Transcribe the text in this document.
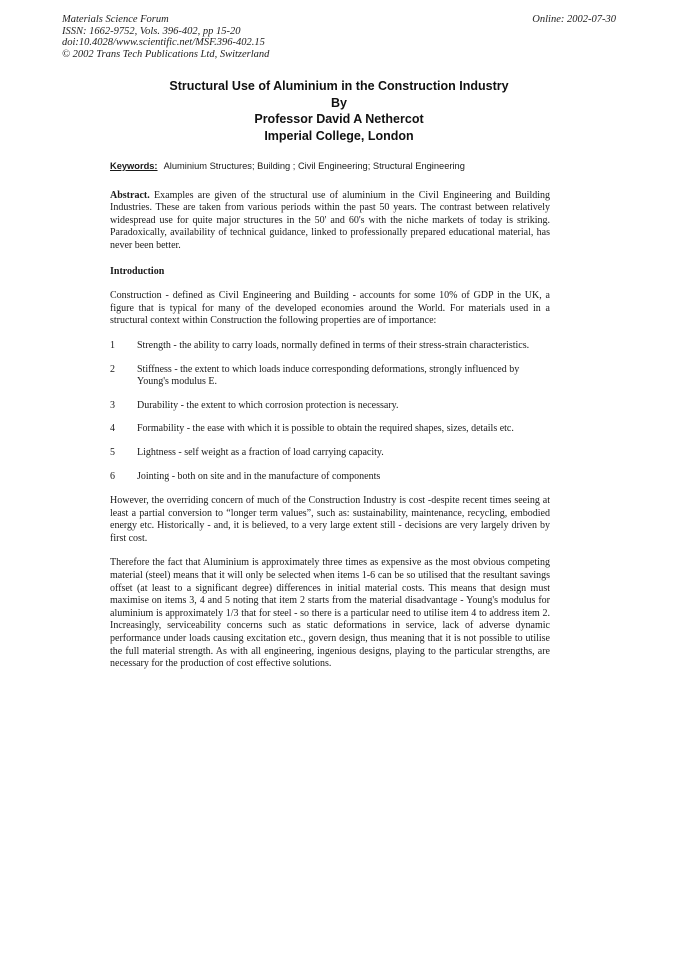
Materials Science Forum
ISSN: 1662-9752, Vols. 396-402, pp 15-20
doi:10.4028/www.scientific.net/MSF.396-402.15
© 2002 Trans Tech Publications Ltd, Switzerland
Online: 2002-07-30
Structural Use of Aluminium in the Construction Industry
By
Professor David A Nethercot
Imperial College, London
Keywords: Aluminium Structures; Building ; Civil Engineering; Structural Engineering

Abstract. Examples are given of the structural use of aluminium in the Civil Engineering and Building Industries. These are taken from various periods within the past 50 years. The contrast between relatively widespread use for quite major structures in the 50' and 60's with the niche markets of today is striking. Paradoxically, availability of technical guidance, linked to professionally prepared educational material, has never been better.

Introduction

Construction - defined as Civil Engineering and Building - accounts for some 10% of GDP in the UK, a figure that is typical for many of the developed economies around the World. For materials used in a structural context within Construction the following properties are of importance:

1	Strength - the ability to carry loads, normally defined in terms of their stress-strain characteristics.
2	Stiffness - the extent to which loads induce corresponding deformations, strongly influenced by Young's modulus E.
3	Durability - the extent to which corrosion protection is necessary.
4	Formability - the ease with which it is possible to obtain the required shapes, sizes, details etc.
5	Lightness - self weight as a fraction of load carrying capacity.
6	Jointing - both on site and in the manufacture of components

However, the overriding concern of much of the Construction Industry is cost -despite recent times seeing at least a partial conversion to “longer term values”, such as: sustainability, maintenance, recycling, embodied energy etc. Historically - and, it is believed, to a very large extent still - decisions are very largely driven by first cost.

Therefore the fact that Aluminium is approximately three times as expensive as the most obvious competing material (steel) means that it will only be selected when items 1-6 can be so utilised that the resultant savings offset (at least to a significant degree) differences in initial material costs. This means that design must maximise on items 3, 4 and 5 noting that item 2 starts from the material disadvantage - Young's modulus for aluminium is approximately 1/3 that for steel - so there is a particular need to utilise item 4 to address item 2. Increasingly, serviceability concerns such as static deformations in service, lack of adverse dynamic performance under loads causing excitation etc., govern design, thus meaning that it is not possible to utilise the full material strength. As with all engineering, ingenious designs, playing to the particular strengths, are necessary for the production of cost effective solutions.
